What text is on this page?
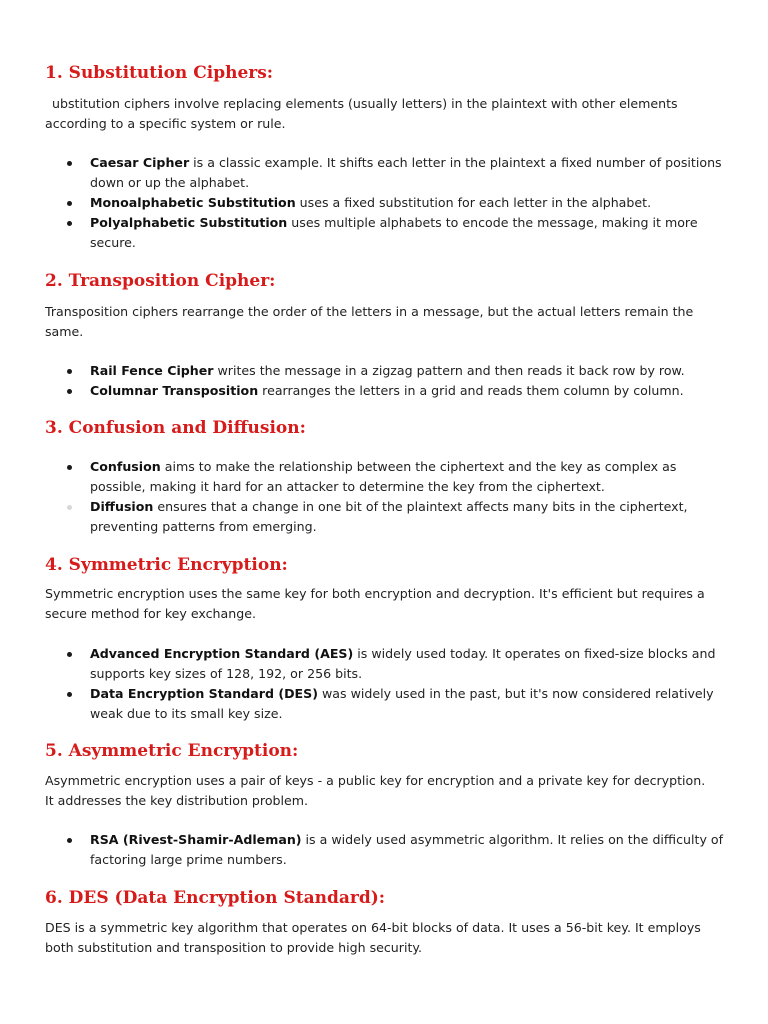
1. Substitution Ciphers:

ubstitution ciphers involve replacing elements (usually letters) in the plaintext with other elements according to a specific system or rule.

Caesar Cipher is a classic example. It shifts each letter in the plaintext a fixed number of positions down or up the alphabet.
Monoalphabetic Substitution uses a fixed substitution for each letter in the alphabet.
Polyalphabetic Substitution uses multiple alphabets to encode the message, making it more secure.
2. Transposition Cipher:

Transposition ciphers rearrange the order of the letters in a message, but the actual letters remain the same.

Rail Fence Cipher writes the message in a zigzag pattern and then reads it back row by row.
Columnar Transposition rearranges the letters in a grid and reads them column by column.
3. Confusion and Diffusion:
Confusion aims to make the relationship between the ciphertext and the key as complex as possible, making it hard for an attacker to determine the key from the ciphertext.
Diffusion ensures that a change in one bit of the plaintext affects many bits in the ciphertext, preventing patterns from emerging.
4. Symmetric Encryption:

Symmetric encryption uses the same key for both encryption and decryption. It's efficient but requires a secure method for key exchange.

Advanced Encryption Standard (AES) is widely used today. It operates on fixed-size blocks and supports key sizes of 128, 192, or 256 bits.
Data Encryption Standard (DES) was widely used in the past, but it's now considered relatively weak due to its small key size.
5. Asymmetric Encryption:

Asymmetric encryption uses a pair of keys - a public key for encryption and a private key for decryption. It addresses the key distribution problem.

RSA (Rivest-Shamir-Adleman) is a widely used asymmetric algorithm. It relies on the difficulty of factoring large prime numbers.
6. DES (Data Encryption Standard):

DES is a symmetric key algorithm that operates on 64-bit blocks of data. It uses a 56-bit key. It employs both substitution and transposition to provide high security.
